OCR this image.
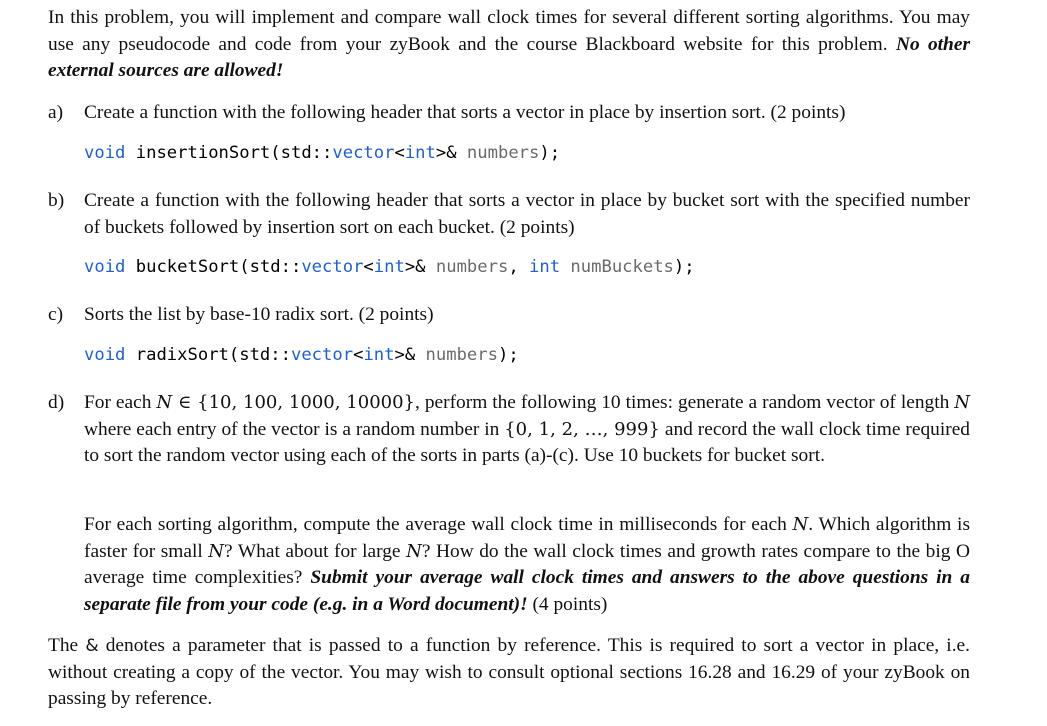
In this problem, you will implement and compare wall clock times for several different sorting algorithms. You may use any pseudocode and code from your zyBook and the course Blackboard website for this problem. No other external sources are allowed!
a)	Create a function with the following header that sorts a vector in place by insertion sort. (2 points)
void insertionSort(std::vector<int>& numbers);
b)	Create a function with the following header that sorts a vector in place by bucket sort with the specified number of buckets followed by insertion sort on each bucket. (2 points)
void bucketSort(std::vector<int>& numbers, int numBuckets);
c)	Sorts the list by base-10 radix sort. (2 points)
void radixSort(std::vector<int>& numbers);
d)	For each N ∈ {10, 100, 1000, 10000}, perform the following 10 times: generate a random vector of length N where each entry of the vector is a random number in {0, 1, 2, …, 999} and record the wall clock time required to sort the random vector using each of the sorts in parts (a)-(c). Use 10 buckets for bucket sort.
For each sorting algorithm, compute the average wall clock time in milliseconds for each N. Which algorithm is faster for small N? What about for large N? How do the wall clock times and growth rates compare to the big O average time complexities? Submit your average wall clock times and answers to the above questions in a separate file from your code (e.g. in a Word document)! (4 points)
The & denotes a parameter that is passed to a function by reference. This is required to sort a vector in place, i.e. without creating a copy of the vector. You may wish to consult optional sections 16.28 and 16.29 of your zyBook on passing by reference.
